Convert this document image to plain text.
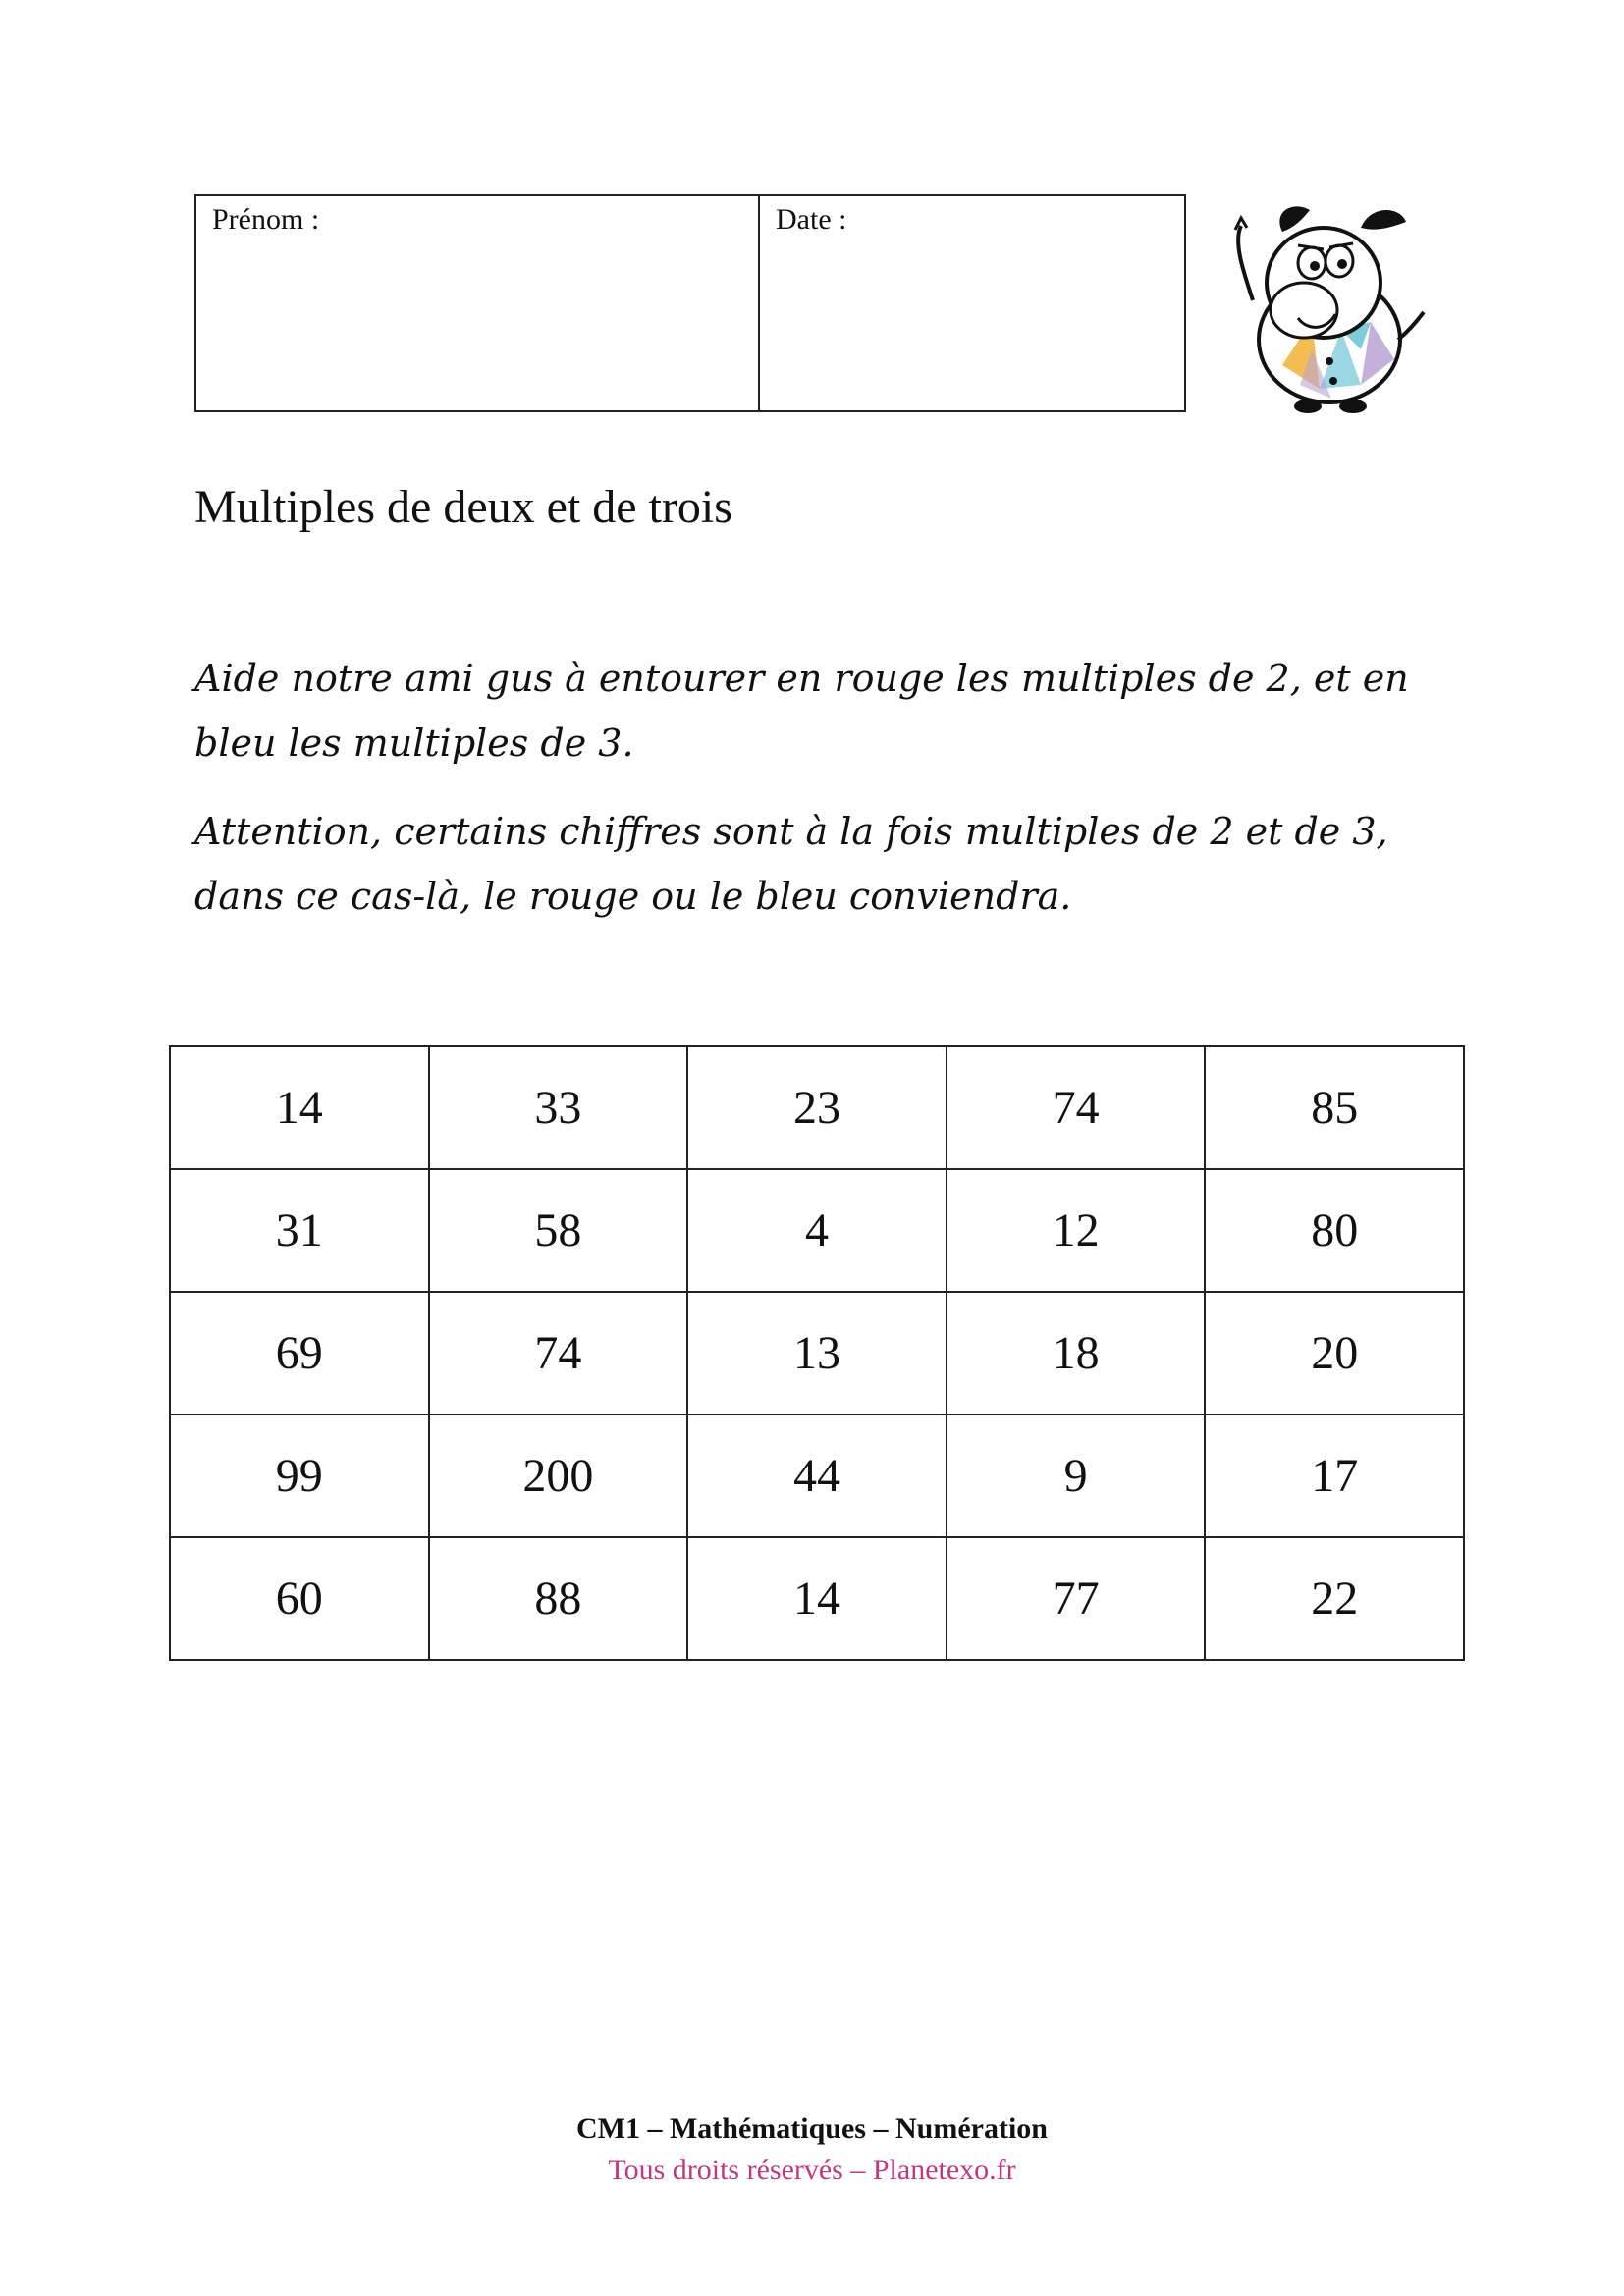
Prénom :	Date :
Multiples de deux et de trois

Aide notre ami gus à entourer en rouge les multiples de 2, et en bleu les multiples de 3.

Attention, certains chiffres sont à la fois multiples de 2 et de 3, dans ce cas-là, le rouge ou le bleu conviendra.

14	33	23	74	85
31	58	4	12	80
69	74	13	18	20
99	200	44	9	17
60	88	14	77	22
CM1 – Mathématiques – Numération
Tous droits réservés – Planetexo.fr
